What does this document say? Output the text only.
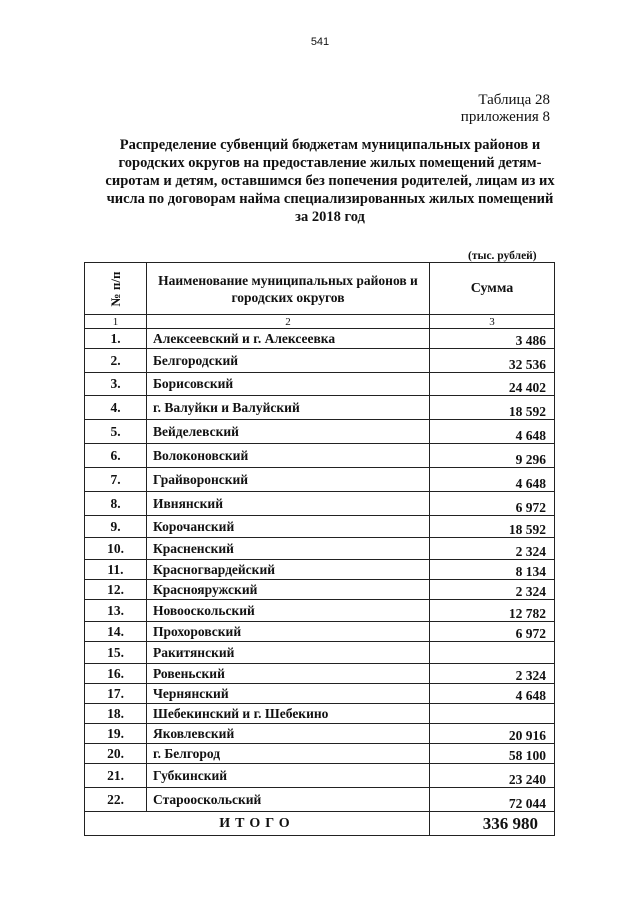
541
Таблица 28
приложения 8
Распределение субвенций бюджетам муниципальных районов и городских округов на предоставление жилых помещений детям-сиротам и детям, оставшимся без попечения родителей, лицам из их числа по договорам найма специализированных жилых помещений за 2018 год
(тыс. рублей)
№ п/п	Наименование муниципальных районов и городских округов	Сумма
1	2	3
1.	Алексеевский и г. Алексеевка	3 486
2.	Белгородский	32 536
3.	Борисовский	24 402
4.	г. Валуйки и Валуйский	18 592
5.	Вейделевский	4 648
6.	Волоконовский	9 296
7.	Грайворонский	4 648
8.	Ивнянский	6 972
9.	Корочанский	18 592
10.	Красненский	2 324
11.	Красногвардейский	8 134
12.	Краснояружский	2 324
13.	Новооскольский	12 782
14.	Прохоровский	6 972
15.	Ракитянский	
16.	Ровеньский	2 324
17.	Чернянский	4 648
18.	Шебекинский и г. Шебекино	
19.	Яковлевский	20 916
20.	г. Белгород	58 100
21.	Губкинский	23 240
22.	Старооскольский	72 044
ИТОГО		336 980
